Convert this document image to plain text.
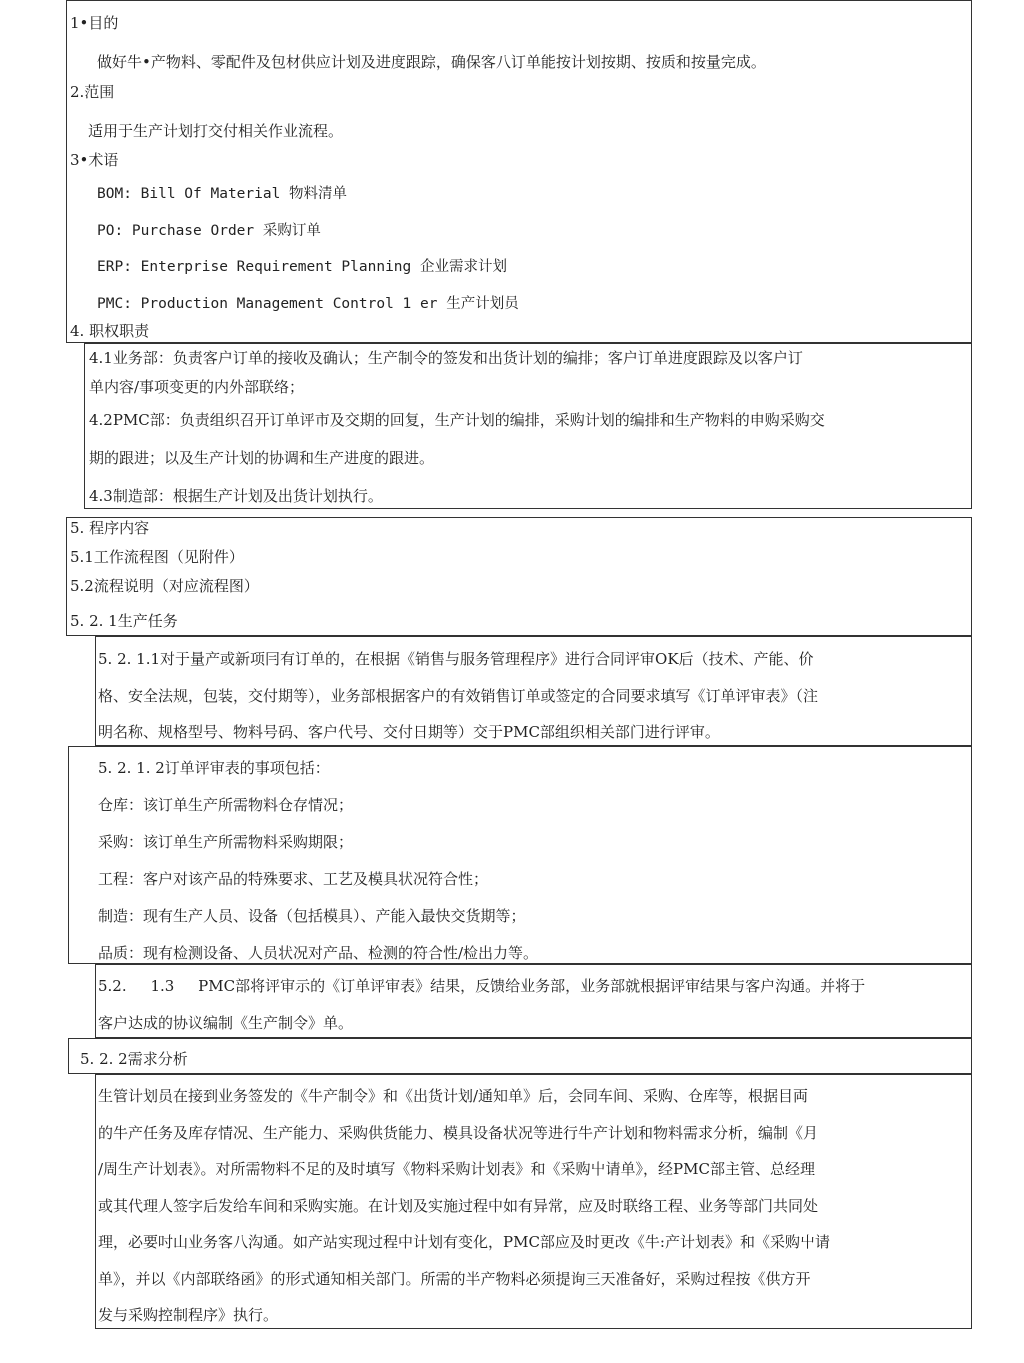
1•目的
做好牛•产物料、零配件及包材供应计划及进度跟踪，确保客八订单能按计划按期、按质和按量完成。
2.范围
适用于生产计划打交付相关作业流程。
3•术语
BOM: Bill Of Material 物料清单
PO: Purchase Order 采购订单
ERP: Enterprise Requirement Planning 企业需求计划
PMC: Production Management Control 1 er 生产计划员
4. 职权职责
4.1业务部：负责客户订单的接收及确认；生产制令的签发和出货计划的编排；客户订单进度跟踪及以客户订
单内容/事项变更的内外部联络；
4.2PMC部：负责组织召开订单评市及交期的回复，生产计划的编排，采购计划的编排和生产物料的申购采购交
期的跟进；以及生产计划的协调和生产进度的跟进。
4.3制造部：根据生产计划及出货计划执行。
5. 程序内容
5.1工作流程图（见附件）
5.2流程说明（对应流程图）
5. 2. 1生产任务
5. 2. 1.1对于量产或新项冃有订单的，在根据《销售与服务管理程序》进行合同评审OK后（技术、产能、价
格、安全法规，包装，交付期等），业务部根据客户的有效销售订单或签定的合同要求填写《订单评审表》（注
明名称、规格型号、物料号码、客户代号、交付日期等）交于PMC部组织相关部门进行评审。
5. 2. 1. 2订单评审表的事项包括：
仓库：该订单生产所需物料仓存情况；
采购：该订单生产所需物料采购期限；
工程：客户对该产品的特殊要求、工艺及模具状况符合性；
制造：现有生产人员、设备（包括模具）、产能入最快交货期等；
品质：现有检测设备、人员状况对产品、检测的符合性/检出力等。
5.2.     1.3     PMC部将评审示的《订单评审表》结果，反馈给业务部，业务部就根据评审结果与客户沟通。并将于
客户达成的协议编制《生产制令》单。
5. 2. 2需求分析
生管计划员在接到业务签发的《牛产制令》和《出货计划/通知单》后，会同车间、采购、仓库等，根据目両
的牛产任务及库存情况、生产能力、采购供货能力、模具设备状况等进行牛产计划和物料需求分析，编制《月
/周生产计划表》。对所需物料不足的及时填写《物料采购计划表》和《采购屮请单》，经PMC部主管、总经理
或其代理人签字后发给车间和采购实施。在计划及实施过程中如有异常，应及时联络工程、业务等部门共同处
理，必要吋山业务客八沟通。如产站实现过程中计划有变化，PMC部应及时更改《牛:产计划表》和《采购屮请
单》，并以《内部联络函》的形式通知相关部门。所需的半产物料必须提询三天准备好，采购过程按《供方开
发与采购控制程序》执行。
